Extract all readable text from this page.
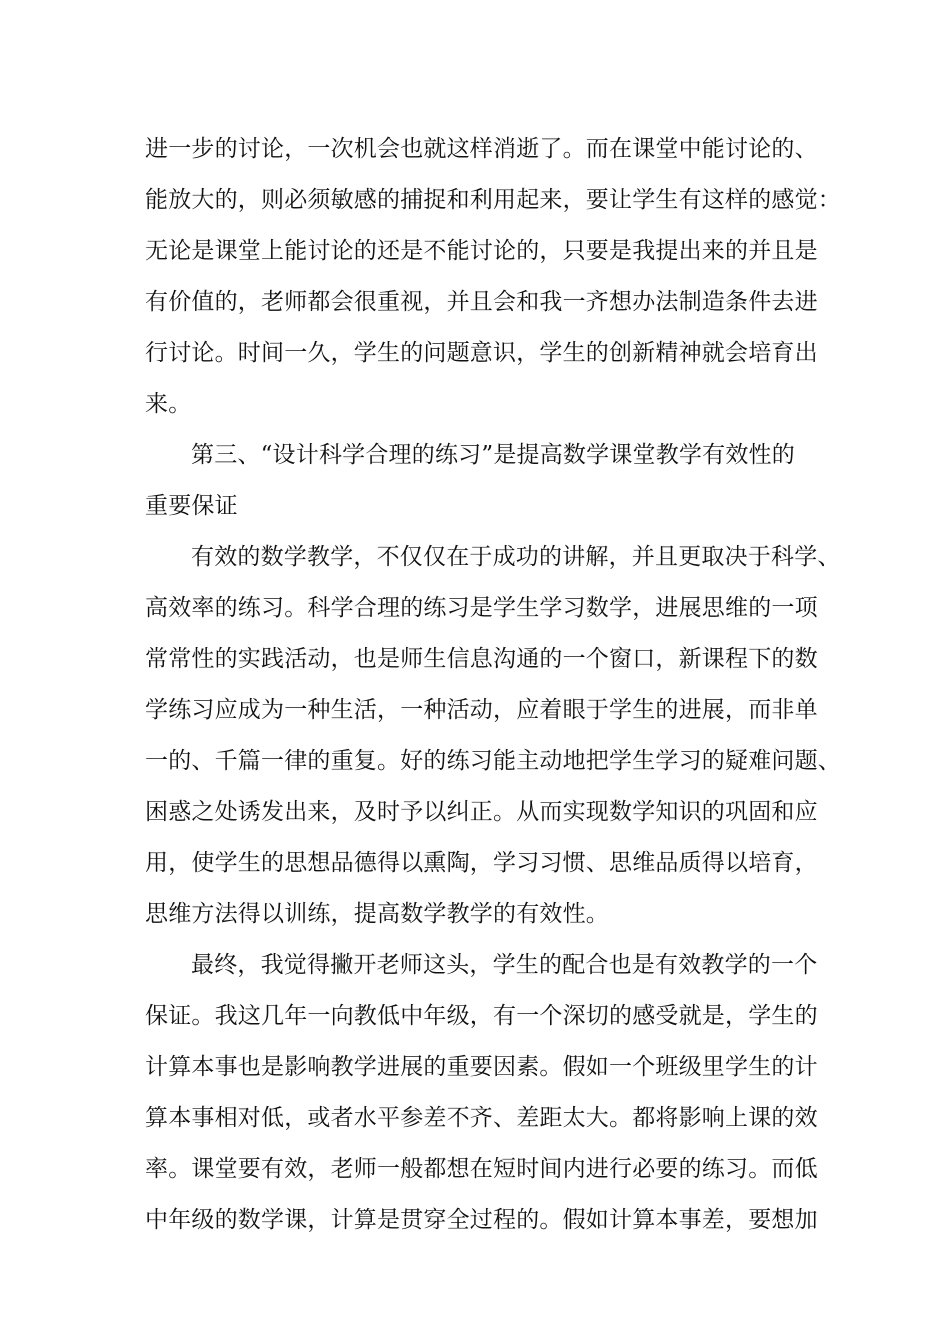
进一步的讨论，一次机会也就这样消逝了。而在课堂中能讨论的、
能放大的，则必须敏感的捕捉和利用起来，要让学生有这样的感觉：
无论是课堂上能讨论的还是不能讨论的，只要是我提出来的并且是
有价值的，老师都会很重视，并且会和我一齐想办法制造条件去进
行讨论。时间一久，学生的问题意识，学生的创新精神就会培育出
来。

第三、“设计科学合理的练习”是提高数学课堂教学有效性的
重要保证

有效的数学教学，不仅仅在于成功的讲解，并且更取决于科学、
高效率的练习。科学合理的练习是学生学习数学，进展思维的一项
常常性的实践活动，也是师生信息沟通的一个窗口，新课程下的数
学练习应成为一种生活，一种活动，应着眼于学生的进展，而非单
一的、千篇一律的重复。好的练习能主动地把学生学习的疑难问题、
困惑之处诱发出来，及时予以纠正。从而实现数学知识的巩固和应
用，使学生的思想品德得以熏陶，学习习惯、思维品质得以培育，
思维方法得以训练，提高数学教学的有效性。

最终，我觉得撇开老师这头，学生的配合也是有效教学的一个
保证。我这几年一向教低中年级，有一个深切的感受就是，学生的
计算本事也是影响教学进展的重要因素。假如一个班级里学生的计
算本事相对低，或者水平参差不齐、差距太大。都将影响上课的效
率。课堂要有效，老师一般都想在短时间内进行必要的练习。而低
中年级的数学课，计算是贯穿全过程的。假如计算本事差，要想加
